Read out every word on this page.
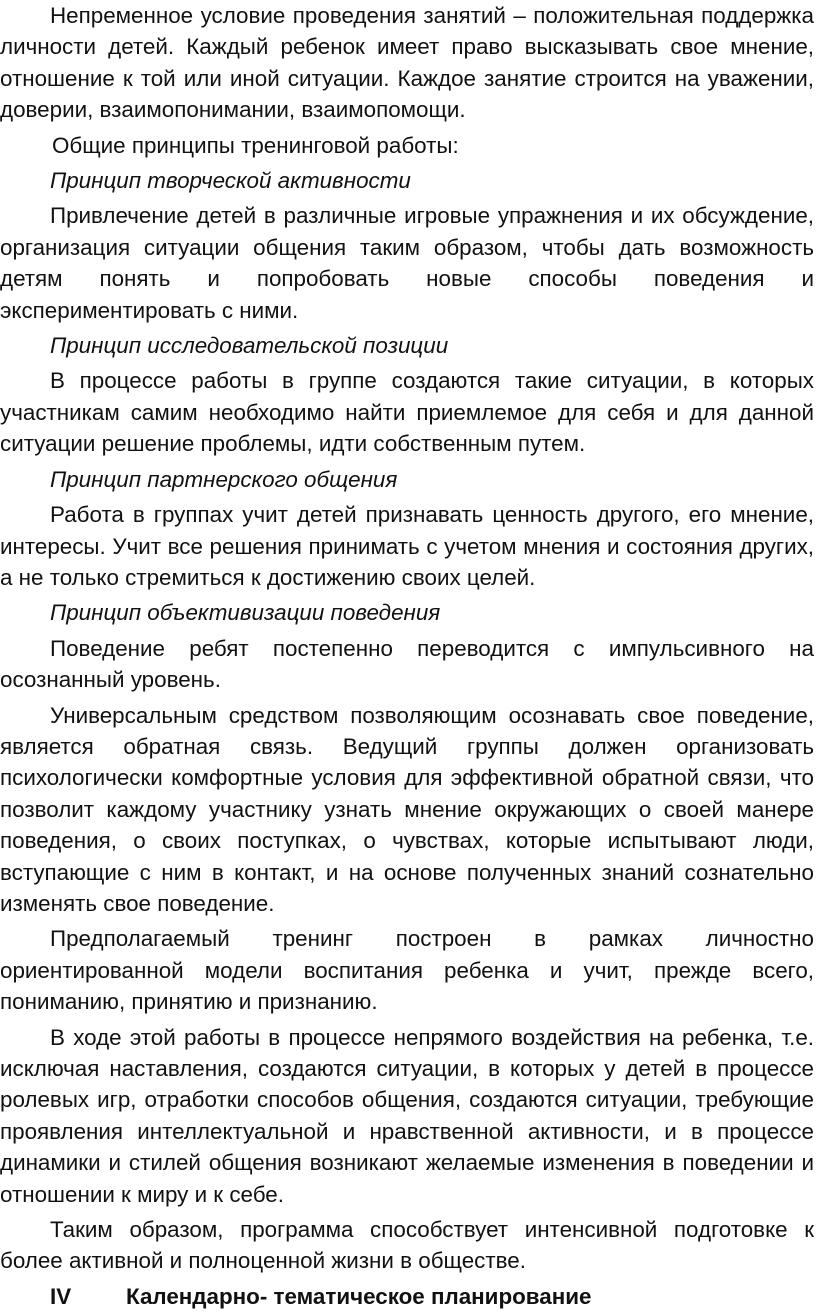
Непременное условие проведения занятий – положительная поддержка личности детей. Каждый ребенок имеет право высказывать свое мнение, отношение к той или иной ситуации. Каждое занятие строится на уважении, доверии, взаимопонимании, взаимопомощи.

Общие принципы тренинговой работы:

Принцип творческой активности

Привлечение детей в различные игровые упражнения и их обсуждение, организация ситуации общения таким образом, чтобы дать возможность детям понять и попробовать новые способы поведения и экспериментировать с ними.

Принцип исследовательской позиции

В процессе работы в группе создаются такие ситуации, в которых участникам самим необходимо найти приемлемое для себя и для данной ситуации решение проблемы, идти собственным путем.

Принцип партнерского общения

Работа в группах учит детей признавать ценность другого, его мнение, интересы. Учит все решения принимать с учетом мнения и состояния других, а не только стремиться к достижению своих целей.

Принцип объективизации поведения

Поведение ребят постепенно переводится с импульсивного на осознанный уровень.

Универсальным средством позволяющим осознавать свое поведение, является обратная связь. Ведущий группы должен организовать психологически комфортные условия для эффективной обратной связи, что позволит каждому участнику узнать мнение окружающих о своей манере поведения, о своих поступках, о чувствах, которые испытывают люди, вступающие с ним в контакт, и на основе полученных знаний сознательно изменять свое поведение.

Предполагаемый тренинг построен в рамках личностно ориентированной модели воспитания ребенка и учит, прежде всего, пониманию, принятию и признанию.

В ходе этой работы в процессе непрямого воздействия на ребенка, т.е. исключая наставления, создаются ситуации, в которых у детей в процессе ролевых игр, отработки способов общения, создаются ситуации, требующие проявления интеллектуальной и нравственной активности, и в процессе динамики и стилей общения возникают желаемые изменения в поведении и отношении к миру и к себе.

Таким образом, программа способствует интенсивной подготовке к более активной и полноценной жизни в обществе.

IV Календарно- тематическое планирование
